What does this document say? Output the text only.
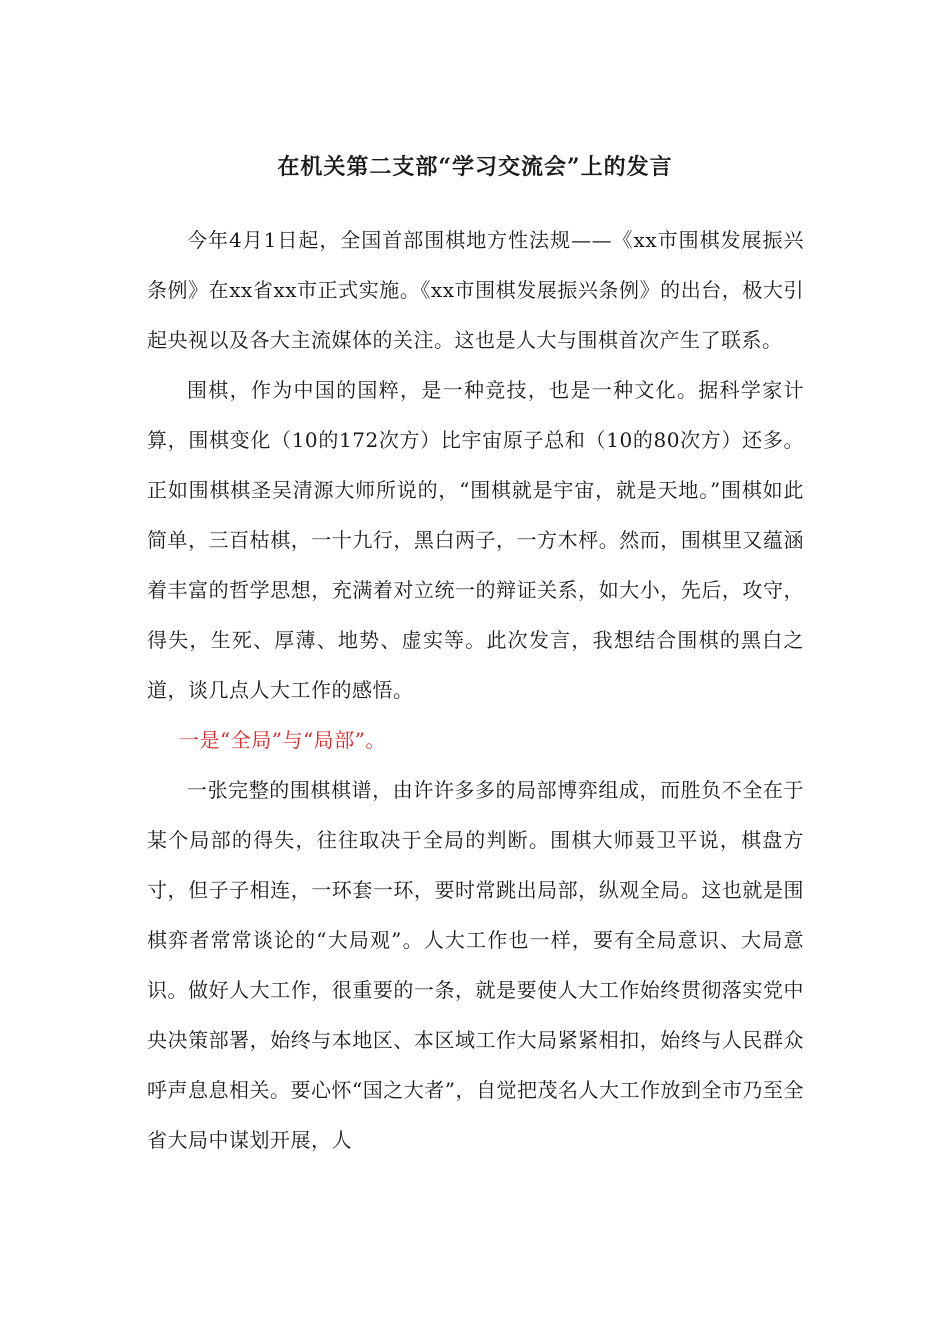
在机关第二支部“学习交流会”上的发言

今年4月1日起，全国首部围棋地方性法规——《xx市围棋发展振兴条例》在xx省xx市正式实施。《xx市围棋发展振兴条例》的出台，极大引起央视以及各大主流媒体的关注。这也是人大与围棋首次产生了联系。

围棋，作为中国的国粹，是一种竞技，也是一种文化。据科学家计算，围棋变化（10的172次方）比宇宙原子总和（10的80次方）还多。正如围棋棋圣吴清源大师所说的，“围棋就是宇宙，就是天地。”围棋如此简单，三百枯棋，一十九行，黑白两子，一方木枰。然而，围棋里又蕴涵着丰富的哲学思想，充满着对立统一的辩证关系，如大小，先后，攻守，得失，生死、厚薄、地势、虚实等。此次发言，我想结合围棋的黑白之道，谈几点人大工作的感悟。

一是“全局”与“局部”。

一张完整的围棋棋谱，由许许多多的局部博弈组成，而胜负不全在于某个局部的得失，往往取决于全局的判断。围棋大师聂卫平说，棋盘方寸，但子子相连，一环套一环，要时常跳出局部，纵观全局。这也就是围棋弈者常常谈论的“大局观”。人大工作也一样，要有全局意识、大局意识。做好人大工作，很重要的一条，就是要使人大工作始终贯彻落实党中央决策部署，始终与本地区、本区域工作大局紧紧相扣，始终与人民群众呼声息息相关。要心怀“国之大者”，自觉把茂名人大工作放到全市乃至全省大局中谋划开展，人
